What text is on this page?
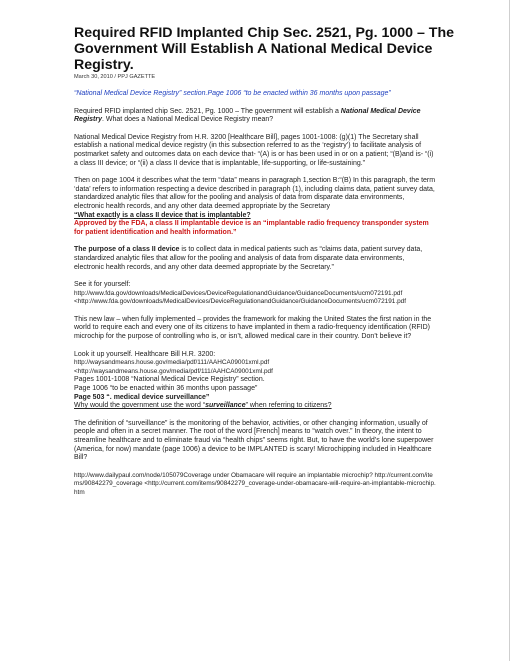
Required RFID Implanted Chip Sec. 2521, Pg. 1000 – The Government Will Establish A National Medical Device Registry.
March 30, 2010 / PPJ GAZETTE

“National Medical Device Registry” section.Page 1006 “to be enacted within 36 months upon passage”

Required RFID implanted chip Sec. 2521, Pg. 1000 – The government will establish a National Medical Device Registry. What does a National Medical Device Registry mean?

National Medical Device Registry from H.R. 3200 [Healthcare Bill], pages 1001-1008: (g)(1) The Secretary shall establish a national medical device registry (in this subsection referred to as the ‘registry’) to facilitate analysis of postmarket safety and outcomes data on each device that- “(A) is or has been used in or on a patient; “(B)and is- “(i) a class III device; or “(ii) a class II device that is implantable, life-supporting, or life-sustaining.”

Then on page 1004 it describes what the term “data” means in paragraph 1,section B:“(B) In this paragraph, the term ‘data’ refers to information respecting a device described in paragraph (1), including claims data, patient survey data, standardized analytic files that allow for the pooling and analysis of data from disparate data environments, electronic health records, and any other data deemed appropriate by the Secretary
“What exactly is a class II device that is implantable?
Approved by the FDA, a class II implantable device is an “implantable radio frequency transponder system for patient identification and health information.”

The purpose of a class II device is to collect data in medical patients such as “claims data, patient survey data, standardized analytic files that allow for the pooling and analysis of data from disparate data environments, electronic health records, and any other data deemed appropriate by the Secretary.”

See it for yourself:
http://www.fda.gov/downloads/MedicalDevices/DeviceRegulationandGuidance/GuidanceDocuments/ucm072191.pdf
<http://www.fda.gov/downloads/MedicalDevices/DeviceRegulationandGuidance/GuidanceDocuments/ucm072191.pdf

This new law – when fully implemented – provides the framework for making the United States the first nation in the world to require each and every one of its citizens to have implanted in them a radio-frequency identification (RFID) microchip for the purpose of controlling who is, or isn’t, allowed medical care in their country. Don’t believe it?

Look it up yourself. Healthcare Bill H.R. 3200:
http://waysandmeans.house.gov/media/pdf/111/AAHCA09001xml.pdf
<http://waysandmeans.house.gov/media/pdf/111/AAHCA09001xml.pdf
Pages 1001-1008 “National Medical Device Registry” section.
Page 1006 “to be enacted within 36 months upon passage”
Page 503 “. medical device surveillance”
Why would the government use the word “surveillance” when referring to citizens?

The definition of “surveillance” is the monitoring of the behavior, activities, or other changing information, usually of people and often in a secret manner. The root of the word [French] means to “watch over.” In theory, the intent to streamline healthcare and to eliminate fraud via “health chips” seems right. But, to have the world’s lone superpower (America, for now) mandate (page 1006) a device to be IMPLANTED is scary! Microchipping included in Healthcare Bill?

http://www.dailypaul.com/node/105079Coverage under Obamacare will require an implantable microchip? http://current.com/items/90842279_coverage <http://current.com/items/90842279_coverage-under-obamacare-will-require-an-implantable-microchip.htm
